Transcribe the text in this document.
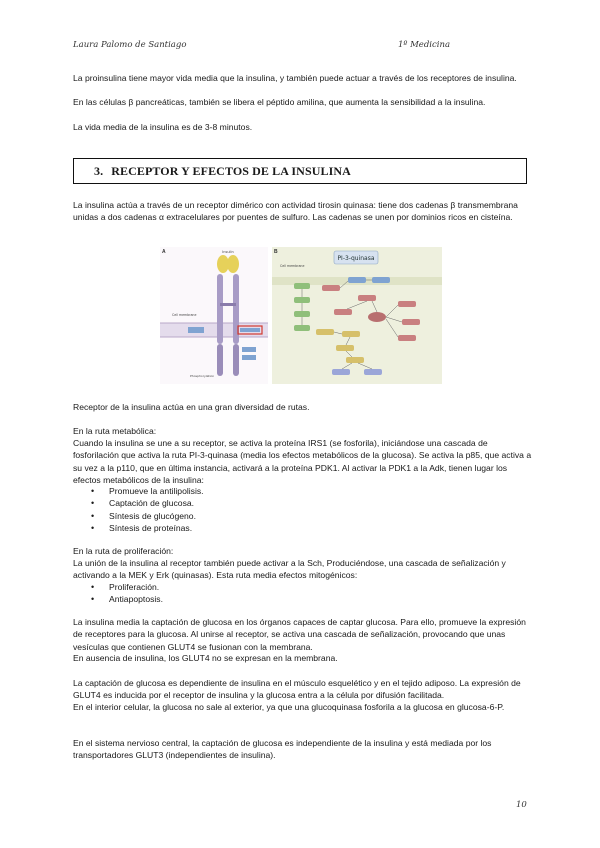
Laura Palomo de Santiago	1º Medicina
La proinsulina tiene mayor vida media que la insulina, y también puede actuar a través de los receptores de insulina.
En las células β pancreáticas, también se libera el péptido amilina, que aumenta la sensibilidad a la insulina.
La vida media de la insulina es de 3-8 minutos.
3. RECEPTOR Y EFECTOS DE LA INSULINA
La insulina actúa a través de un receptor dimérico con actividad tirosin quinasa: tiene dos cadenas β transmembrana unidas a dos cadenas α extracelulares por puentes de sulfuro. Las cadenas se unen por dominios ricos en cisteína.
A	Insulin
Cell membrane
Phosphorylation
B
PI-3-quinasa
Cell membrane
Receptor de la insulina actúa en una gran diversidad de rutas.
En la ruta metabólica:
Cuando la insulina se une a su receptor, se activa la proteína IRS1 (se fosforila), iniciándose una cascada de fosforilación que activa la ruta PI-3-quinasa (media los efectos metabólicos de la glucosa). Se activa la p85, que activa a su vez a la p110, que en última instancia, activará a la proteína PDK1. Al activar la PDK1 a la Adk, tienen lugar los efectos metabólicos de la insulina:
• Promueve la antilipolisis.
• Captación de glucosa.
• Síntesis de glucógeno.
• Síntesis de proteínas.
En la ruta de proliferación:
La unión de la insulina al receptor también puede activar a la Sch, Produciéndose, una cascada de señalización y activando a la MEK y Erk (quinasas). Esta ruta media efectos mitogénicos:
• Proliferación.
• Antiapoptosis.
La insulina media la captación de glucosa en los órganos capaces de captar glucosa. Para ello, promueve la expresión de receptores para la glucosa. Al unirse al receptor, se activa una cascada de señalización, provocando que unas vesículas que contienen GLUT4 se fusionan con la membrana.
En ausencia de insulina, los GLUT4 no se expresan en la membrana.
La captación de glucosa es dependiente de insulina en el músculo esquelético y en el tejido adiposo. La expresión de GLUT4 es inducida por el receptor de insulina y la glucosa entra a la célula por difusión facilitada.
En el interior celular, la glucosa no sale al exterior, ya que una glucoquinasa fosforila a la glucosa en glucosa-6-P.
En el sistema nervioso central, la captación de glucosa es independiente de la insulina y está mediada por los transportadores GLUT3 (independientes de insulina).
10
